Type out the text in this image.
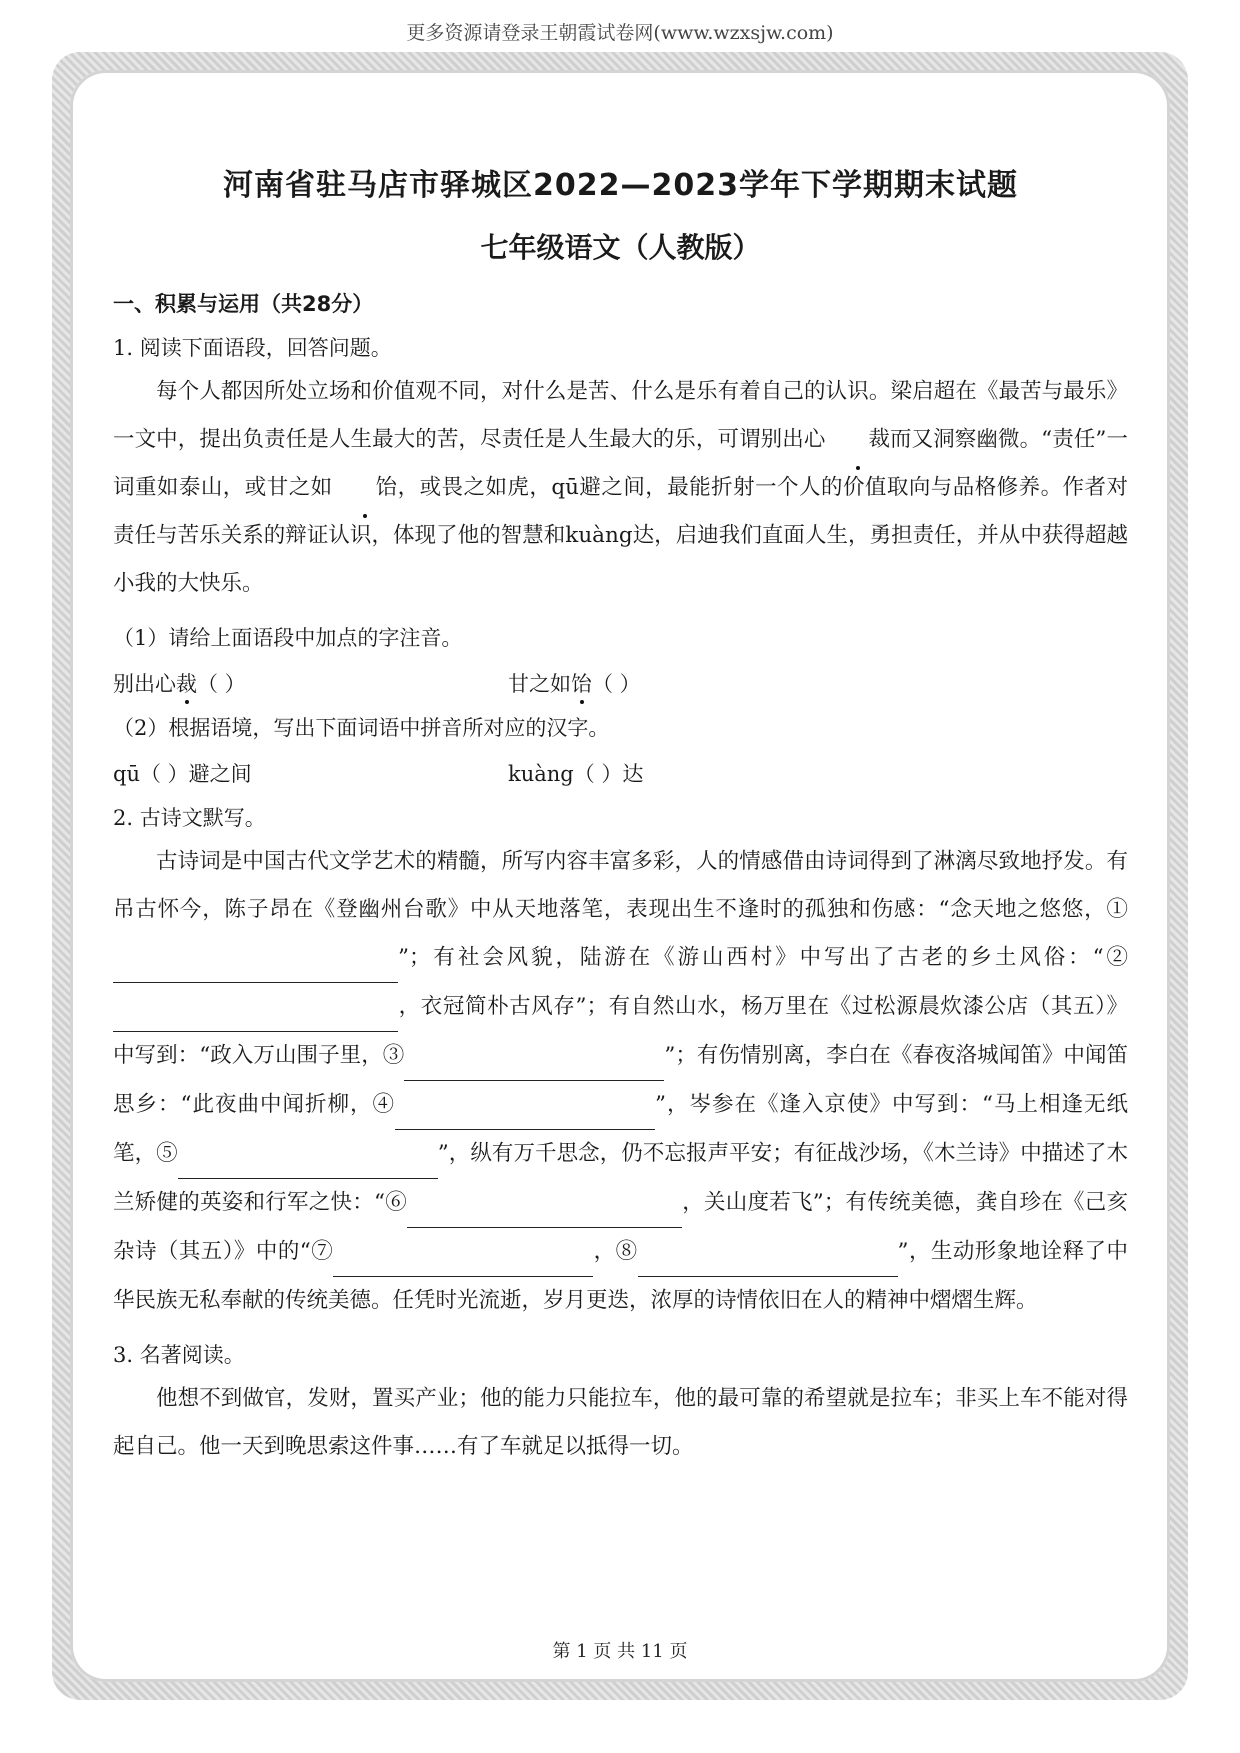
更多资源请登录王朝霞试卷网(www.wzxsjw.com)
河南省驻马店市驿城区2022—2023学年下学期期末试题
七年级语文（人教版）
一、积累与运用（共28分）
1. 阅读下面语段，回答问题。
每个人都因所处立场和价值观不同，对什么是苦、什么是乐有着自己的认识。梁启超在《最苦与最乐》一文中，提出负责任是人生最大的苦，尽责任是人生最大的乐，可谓别出心 裁而又洞察幽微。“责任”一词重如泰山，或甘之如 饴，或畏之如虎，qū避之间，最能折射一个人的价值取向与品格修养。作者对责任与苦乐关系的辩证认识，体现了他的智慧和kuàng达，启迪我们直面人生，勇担责任，并从中获得超越小我的大快乐。
（1）请给上面语段中加点的字注音。
别出心裁（ ）	甘之如饴（ ）
（2）根据语境，写出下面词语中拼音所对应的汉字。
qū（ ）避之间	kuàng（ ）达
2. 古诗文默写。
古诗词是中国古代文学艺术的精髓，所写内容丰富多彩，人的情感借由诗词得到了淋漓尽致地抒发。有吊古怀今，陈子昂在《登幽州台歌》中从天地落笔，表现出生不逢时的孤独和伤感：“念天地之悠悠，① ”；有社会风貌，陆游在《游山西村》中写出了古老的乡土风俗：“② ，衣冠简朴古风存”；有自然山水，杨万里在《过松源晨炊漆公店（其五）》中写到：“政入万山围子里，③	”；有伤情别离，李白在《春夜洛城闻笛》中闻笛思乡：“此夜曲中闻折柳，④	”，岑参在《逢入京使》中写到：“马上相逢无纸笔，⑤	”，纵有万千思念，仍不忘报声平安；有征战沙场，《木兰诗》中描述了木兰矫健的英姿和行军之快：“⑥	，关山度若飞”；有传统美德，龚自珍在《己亥杂诗（其五）》中的“⑦	，⑧	”，生动形象地诠释了中华民族无私奉献的传统美德。任凭时光流逝，岁月更迭，浓厚的诗情依旧在人的精神中熠熠生辉。
3. 名著阅读。
他想不到做官，发财，置买产业；他的能力只能拉车，他的最可靠的希望就是拉车；非买上车不能对得起自己。他一天到晚思索这件事……有了车就足以抵得一切。
第 1 页 共 11 页
